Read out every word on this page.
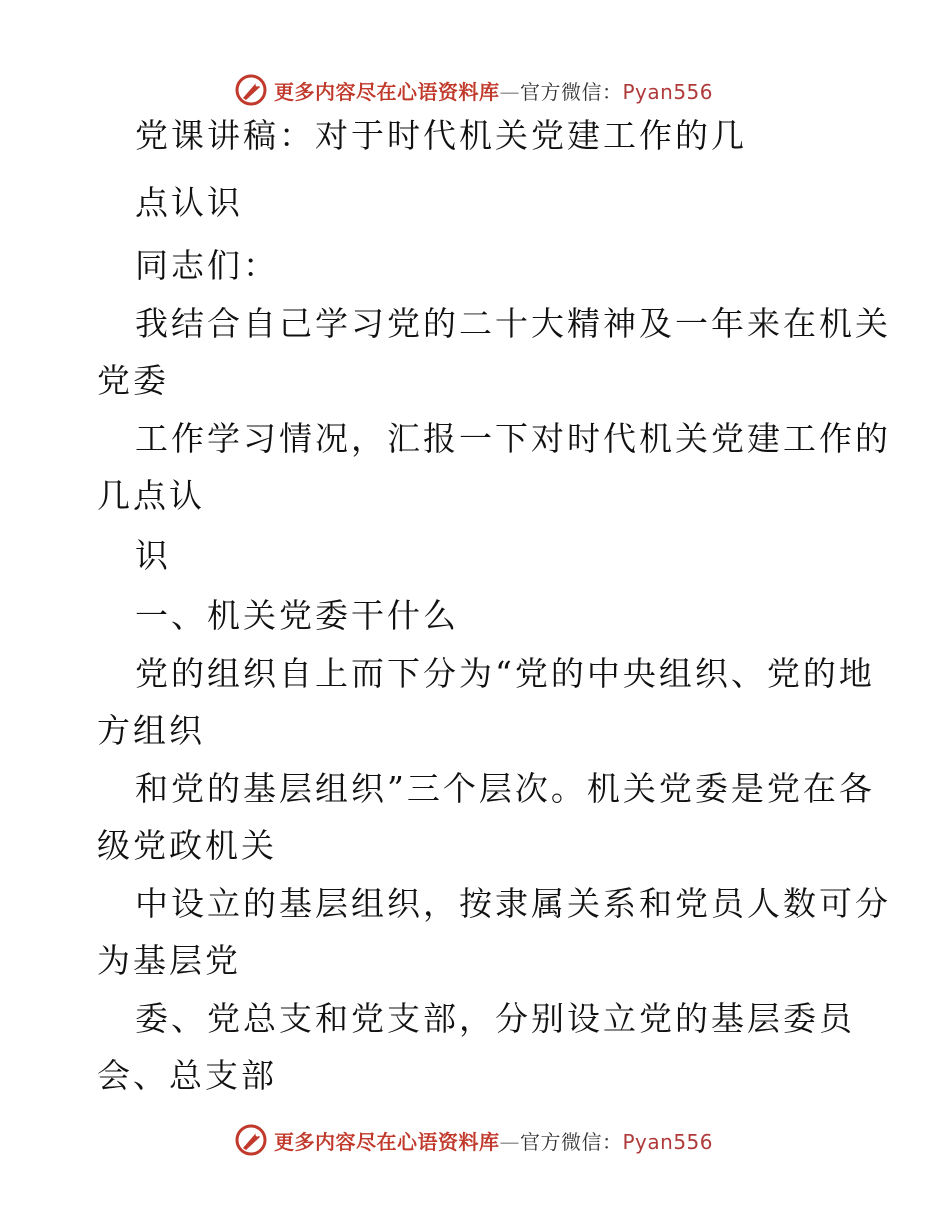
更多内容尽在心语资料库—官方微信：Pyan556
党课讲稿：对于时代机关党建工作的几
点认识
同志们：
我结合自己学习党的二十大精神及一年来在机关
党委
工作学习情况，汇报一下对时代机关党建工作的
几点认
识
一、机关党委干什么
党的组织自上而下分为“党的中央组织、党的地
方组织
和党的基层组织”三个层次。机关党委是党在各
级党政机关
中设立的基层组织，按隶属关系和党员人数可分
为基层党
委、党总支和党支部，分别设立党的基层委员
会、总支部
更多内容尽在心语资料库—官方微信：Pyan556
